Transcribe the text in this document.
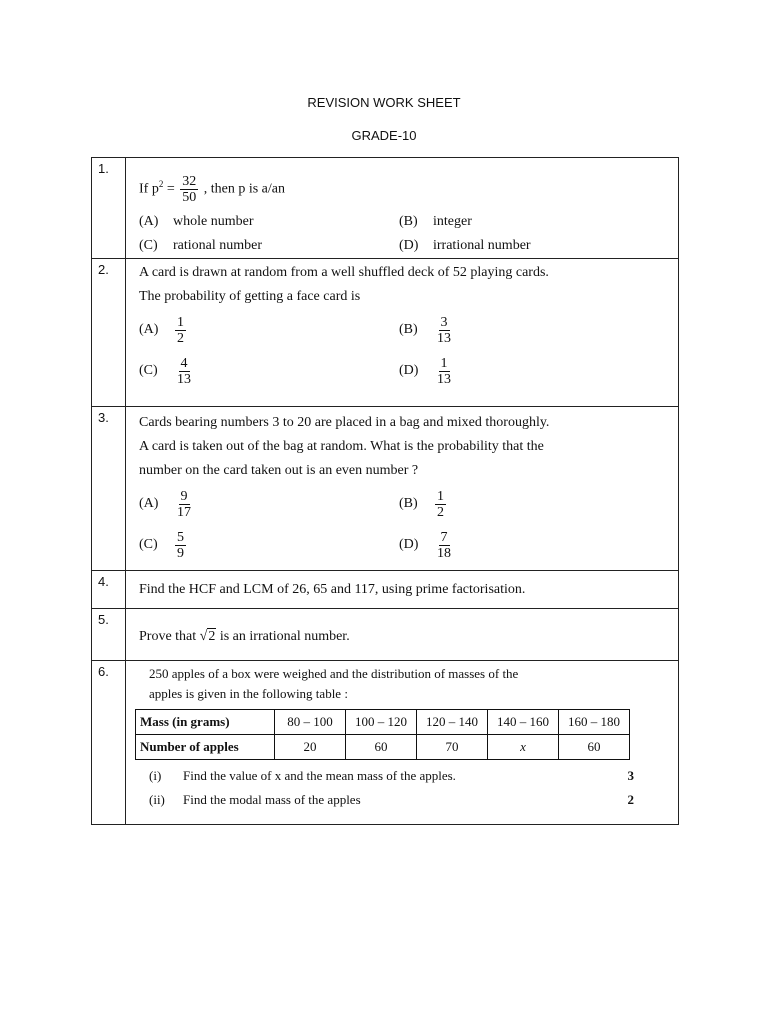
REVISION WORK SHEET
GRADE-10
1.

If $p^2 = \frac{32}{50}$ , then p is a/an
(A)	whole number	(B)	integer
(C)	rational number	(D)	irrational number

2.	A card is drawn at random from a well shuffled deck of 52 playing cards.
The probability of getting a face card is
(A)	$\frac{1}{2}$	(B)	$\frac{3}{13}$
(C)	$\frac{4}{13}$	(D)	$\frac{1}{13}$

3.	Cards bearing numbers 3 to 20 are placed in a bag and mixed thoroughly.
A card is taken out of the bag at random. What is the probability that the
number on the card taken out is an even number ?
(A)	$\frac{9}{17}$	(B)	$\frac{1}{2}$
(C)	$\frac{5}{9}$	(D)	$\frac{7}{18}$

4.

Find the HCF and LCM of 26, 65 and 117, using prime factorisation.

5.

Prove that √2 is an irrational number.

6.	250 apples of a box were weighed and the distribution of masses of the
apples is given in the following table :
Mass (in grams)	80 – 100	100 – 120	120 – 140	140 – 160	160 – 180
Number of apples	20	60	70	x	60
(i) Find the value of x and the mean mass of the apples.	3
(ii) Find the modal mass of the apples	2
